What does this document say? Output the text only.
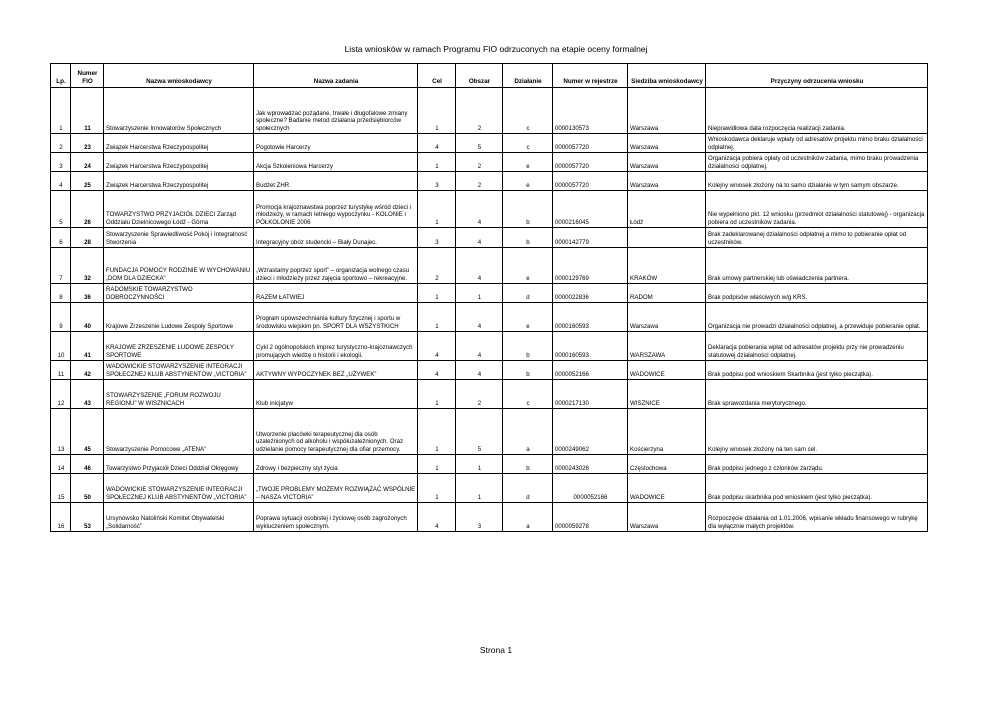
Lista wniosków w ramach Programu FIO odrzuconych na etapie oceny formalnej
Lp.	Numer FIO	Nazwa wnioskodawcy	Nazwa zadania	Cel	Obszar	Działanie	Numer w rejestrze	Siedziba wnioskodawcy	Przyczyny odrzucenia wniosku
1	11	Stowarzyszenie Innowatorów Społecznych	Jak wprowadzać pożądane, trwałe i długofalowe zmiany społeczne? Badanie metod działania przedsiębiorców społecznych	1	2	c	0000130573	Warszawa	Nieprawidłowa data rozpoczęcia realizacji zadania.
2	23	Związek Harcerstwa Rzeczypospolitej	Pogotowie Harcerzy	4	5	c	0000057720	Warszawa	Wnioskodawca deklaruje wpłaty od adresatów projektu mimo braku działalności odpłatnej.
3	24	Związek Harcerstwa Rzeczypospolitej	Akcja Szkoleniowa Harcerzy	1	2	e	0000057720	Warszawa	Organizacja pobiera opłaty od uczestników zadania, mimo braku prowadzenia działalności odpłatnej.
4	25	Związek Harcerstwa Rzeczypospolitej	Budżet ZHR	3	2	e	0000057720	Warszawa	Kolejny wniosek złożony na to samo działanie w tym samym obszarze.
5	26	TOWARZYSTWO PRZYJACIÓŁ DZIECI Zarząd Oddziału Dzielnicowego Łódź - Górna	Promocja krajoznawstwa poprzez turystykę wśród dzieci i młodzieży, w ramach letniego wypoczynku - KOLONIE i PÓŁKOLONIE 2006	1	4	b	0000216045	Łódź	Nie wypełniono pkt. 12 wniosku (przedmiot działalności statutowej) - organizacja pobiera od uczestników zadania.
6	28	Stowarzyszenie Sprawiedliwość Pokój i Integralność Stworzenia	Integracyjny obóz studencki – Biały Dunajec.	3	4	b	0000142779		Brak zadeklarowanej działalności odpłatnej a mimo to pobieranie opłat od uczestników.
7	32	FUNDACJA POMOCY RODZINIE W WYCHOWANIU „DOM DLA DZIECKA”	„Wzrastamy poprzez sport” – organizacja wolnego czasu dzieci i młodzieży przez zajęcia sportowo – rekreacyjne.	2	4	e	0000129769	KRAKÓW	Brak umowy partnerskiej lub oświadczenia partnera.
8	36	RADOMSKIE TOWARZYSTWO DOBROCZYNNOŚCI	RAZEM ŁATWIEJ	1	1	d	0000022836	RADOM	Brak podpisów właściwych w/g KRS.
9	40	Krajowe Zrzeszenie Ludowe Zespoły Sportowe	Program upowszechniania kultury fizycznej i sportu w środowisku wiejskim pn. SPORT DLA WSZYSTKICH	1	4	e	0000160593	Warszawa	Organizacja nie prowadzi działalności odpłatnej, a przewiduje pobieranie opłat.
10	41	KRAJOWE ZRZESZENIE LUDOWE ZESPOŁY SPORTOWE	Cykl 2 ogólnopolskich imprez turystyczno-krajoznawczych promujących wiedzę o historii i ekologii.	4	4	b	0000160593	WARSZAWA	Deklaracja pobierania wpłat od adresatów projektu przy nie prowadzeniu statutowej działalności odpłatnej.
11	42	WADOWICKIE STOWARZYSZENIE INTEGRACJI SPOŁECZNEJ KLUB ABSTYNENTÓW „VICTORIA”	AKTYWNY WYPOCZYNEK BEZ „UŻYWEK”	4	4	b	0000052166	WADOWICE	Brak podpisu pod wnioskiem Skarbnika (jest tylko pieczątka).
12	43	STOWARZYSZENIE „FORUM ROZWOJU REGIONU” W WISZNICACH	Klub inicjatyw	1	2	c	0000217130	WISZNICE	Brak sprawozdania merytorycznego.
13	45	Stowarzyszenie Pomocowe „ATENA”	Utworzenie placówki terapeutycznej dla osób uzależnionych od alkoholu i współuzależnionych. Oraz udzielanie pomocy terapeutycznej dla ofiar przemocy.	1	5	a	0000249062	Kościerzyna	Kolejny wniosek złożony na ten sam cel.
14	46	Towarzystwo Przyjaciół Dzieci Oddział Okręgowy	Zdrowy i bezpieczny styl życia	1	1	b	0000243026	Częstochowa	Brak podpisu jednego z członków zarządu.
15	50	WADOWICKIE STOWARZYSZENIE INTEGRACJI SPOŁECZNEJ KLUB ABSTYNENTÓW „VICTORIA”	„TWOJE PROBLEMY MOŻEMY ROZWIĄZAĆ WSPÓLNIE – NASZA VICTORIA”	1	1	d	0000052166	WADOWICE	Brak podpisu skarbnika pod wnioskiem (jest tylko pieczątka).
16	53	Ursynowsko Natoliński Komitet Obywatelski „Solidarność”	Poprawa sytuacji osobistej i życiowej osób zagrożonych wykluczeniem społecznym.	4	3	a	0000059278	Warszawa	Rozpoczęcie działania od 1.01.2006, wpisanie wkładu finansowego w rubrykę dla wyłącznie małych projektów.
Strona 1
